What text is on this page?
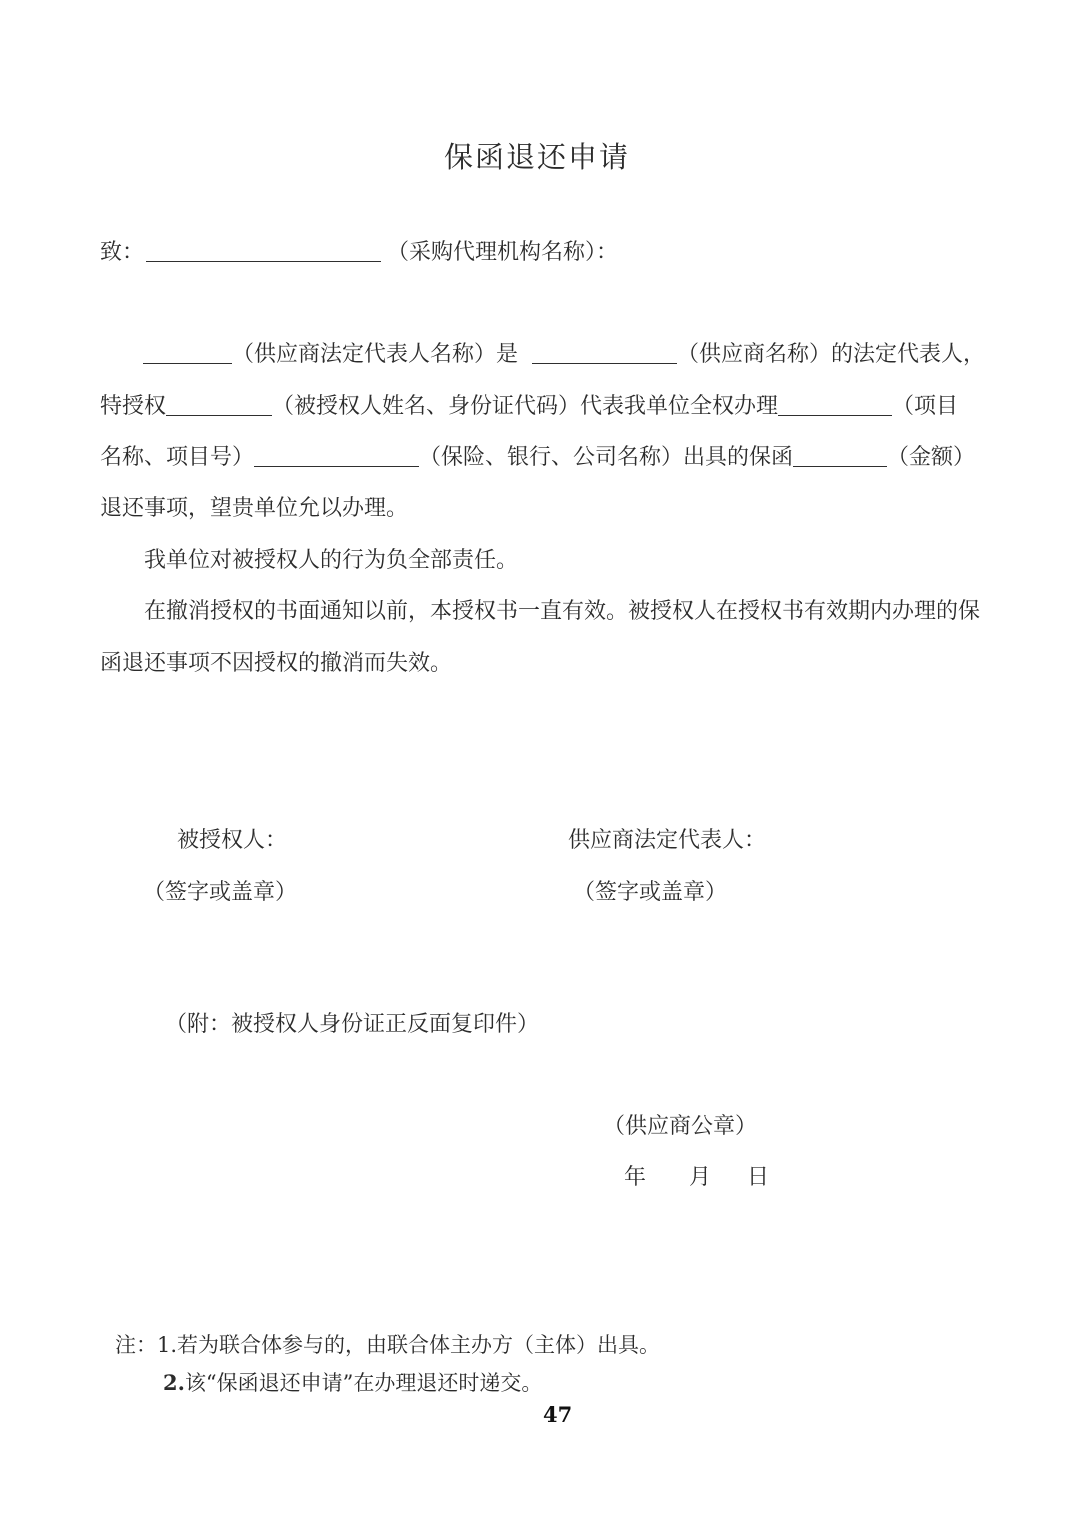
保函退还申请
致：	（采购代理机构名称）：
（供应商法定代表人名称）是	（供应商名称）的法定代表人，
特授权	（被授权人姓名、身份证代码）代表我单位全权办理	（项目
名称、项目号）	（保险、银行、公司名称）出具的保函	（金额）
退还事项，望贵单位允以办理。
我单位对被授权人的行为负全部责任。
在撤消授权的书面通知以前，本授权书一直有效。被授权人在授权书有效期内办理的保
函退还事项不因授权的撤消而失效。
被授权人：	供应商法定代表人：
（签字或盖章）	（签字或盖章）
（附：被授权人身份证正反面复印件）
（供应商公章）
年 月 日
注：1.若为联合体参与的，由联合体主办方（主体）出具。
2.该“保函退还申请”在办理退还时递交。
47
